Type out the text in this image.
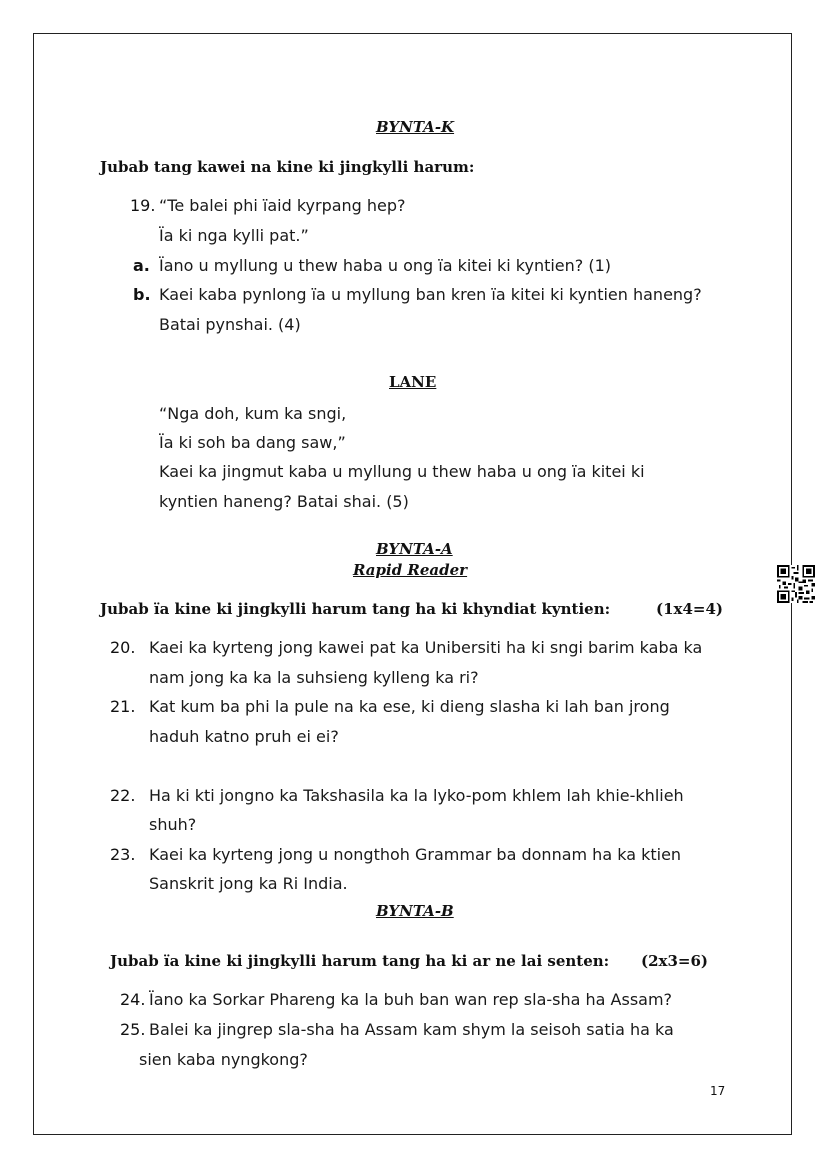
BYNTA-K
Jubab tang kawei na kine ki jingkylli harum:
19. “Te balei phi ïaid kyrpang hep?
Ïa ki nga kylli pat.”
a. Ïano u myllung u thew haba u ong ïa kitei ki kyntien? (1)
b. Kaei kaba pynlong ïa u myllung ban kren ïa kitei ki kyntien haneng?
Batai pynshai. (4)
LANE
“Nga doh, kum ka sngi,
Ïa ki soh ba dang saw,”
Kaei ka jingmut kaba u myllung u thew haba u ong ïa kitei ki
kyntien haneng? Batai shai. (5)
BYNTA-A
Rapid Reader
Jubab ïa kine ki jingkylli harum tang ha ki khyndiat kyntien:	(1x4=4)
20. Kaei ka kyrteng jong kawei pat ka Unibersiti ha ki sngi barim kaba ka
nam jong ka ka la suhsieng kylleng ka ri?
21. Kat kum ba phi la pule na ka ese, ki dieng slasha ki lah ban jrong
haduh katno pruh ei ei?
22. Ha ki kti jongno ka Takshasila ka la lyko-pom khlem lah khie-khlieh
shuh?
23. Kaei ka kyrteng jong u nongthoh Grammar ba donnam ha ka ktien
Sanskrit jong ka Ri India.
BYNTA-B
Jubab ïa kine ki jingkylli harum tang ha ki ar ne lai senten: (2x3=6)
24. Ïano ka Sorkar Phareng ka la buh ban wan rep sla-sha ha Assam?
25. Balei ka jingrep sla-sha ha Assam kam shym la seisoh satia ha ka
sien kaba nyngkong?
17
